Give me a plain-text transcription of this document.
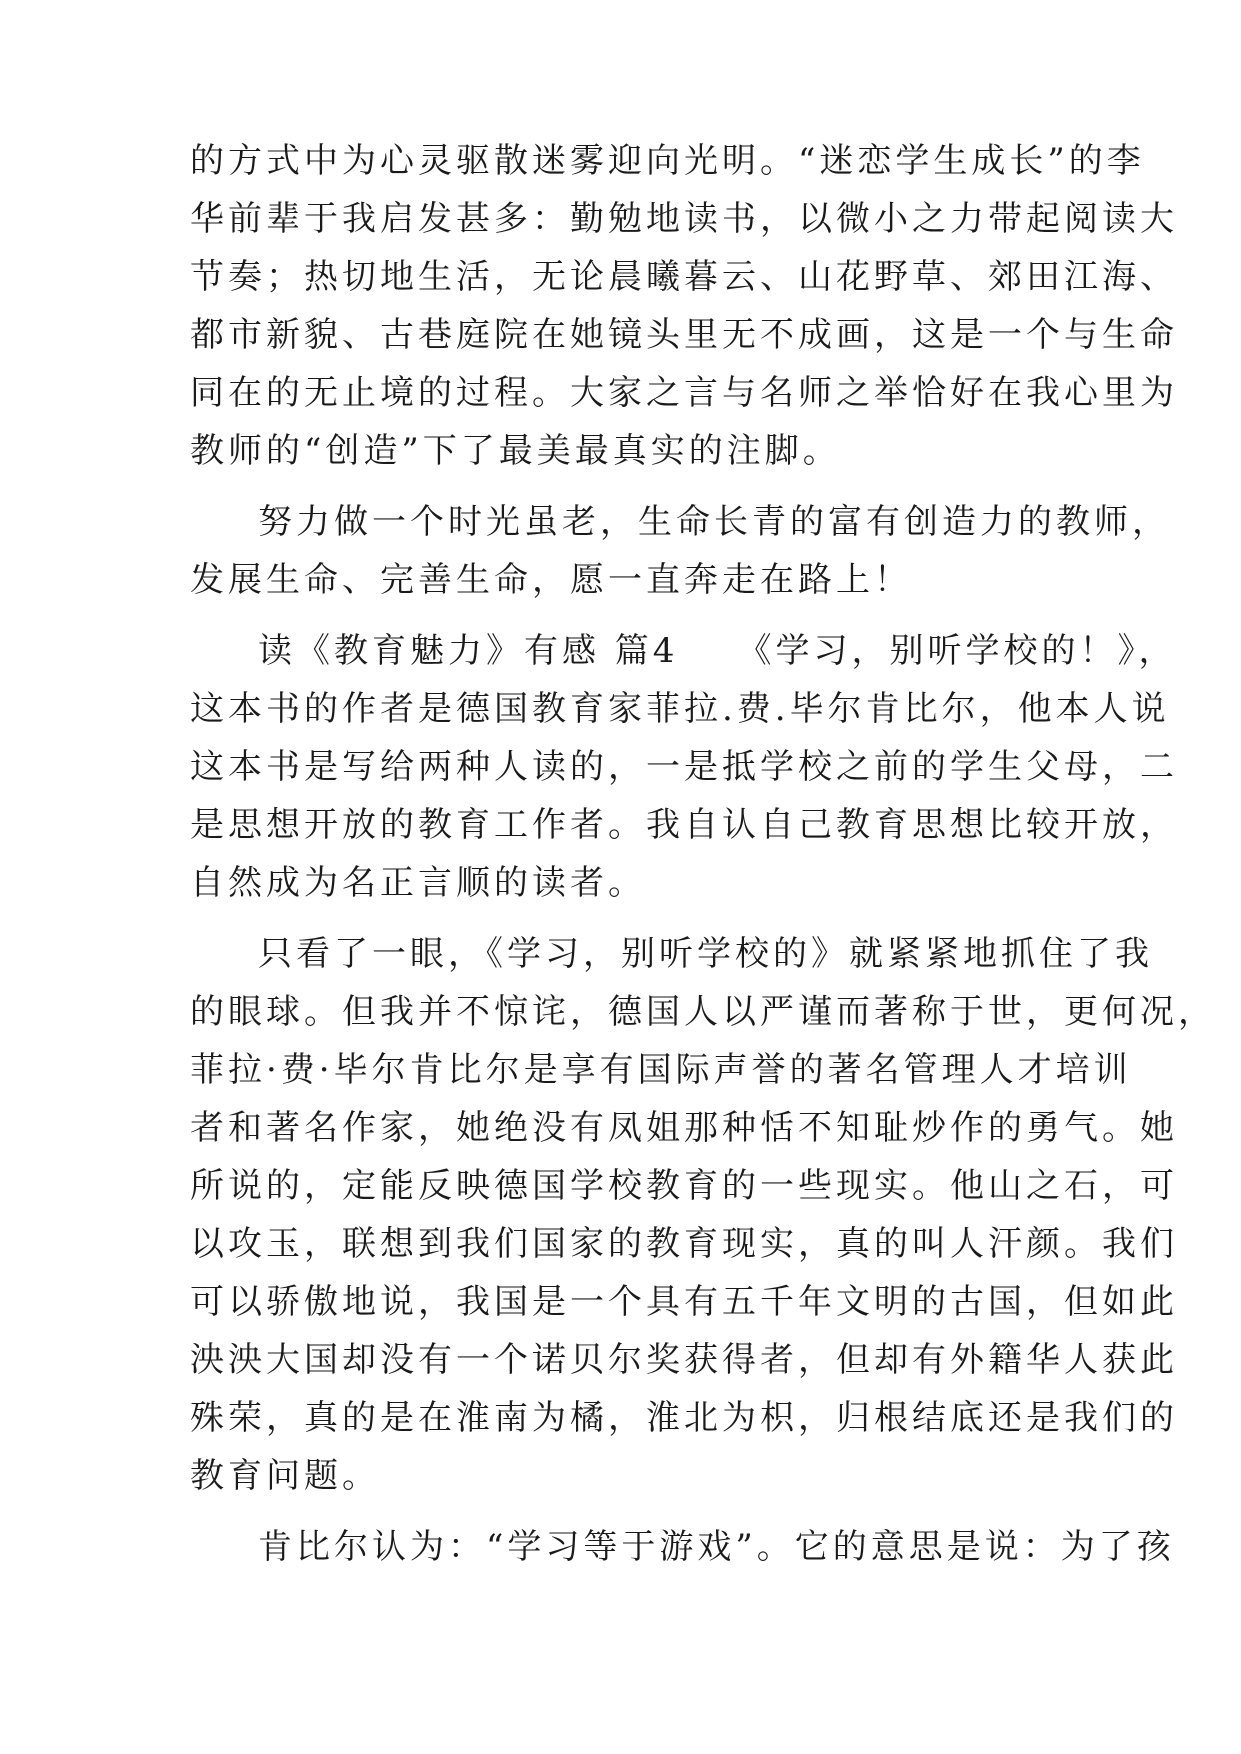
的方式中为心灵驱散迷雾迎向光明。“迷恋学生成长”的李
华前辈于我启发甚多：勤勉地读书，以微小之力带起阅读大
节奏；热切地生活，无论晨曦暮云、山花野草、郊田江海、
都市新貌、古巷庭院在她镜头里无不成画，这是一个与生命
同在的无止境的过程。大家之言与名师之举恰好在我心里为
教师的“创造”下了最美最真实的注脚。
努力做一个时光虽老，生命长青的富有创造力的教师，
发展生命、完善生命，愿一直奔走在路上！
读《教育魅力》有感 篇4　　《学习，别听学校的！》，
这本书的作者是德国教育家菲拉.费.毕尔肯比尔，他本人说
这本书是写给两种人读的，一是抵学校之前的学生父母，二
是思想开放的教育工作者。我自认自己教育思想比较开放，
自然成为名正言顺的读者。
只看了一眼，《学习，别听学校的》就紧紧地抓住了我
的眼球。但我并不惊诧，德国人以严谨而著称于世，更何况，
菲拉·费·毕尔肯比尔是享有国际声誉的著名管理人才培训
者和著名作家，她绝没有凤姐那种恬不知耻炒作的勇气。她
所说的，定能反映德国学校教育的一些现实。他山之石，可
以攻玉，联想到我们国家的教育现实，真的叫人汗颜。我们
可以骄傲地说，我国是一个具有五千年文明的古国，但如此
泱泱大国却没有一个诺贝尔奖获得者，但却有外籍华人获此
殊荣，真的是在淮南为橘，淮北为枳，归根结底还是我们的
教育问题。
肯比尔认为：“学习等于游戏”。它的意思是说：为了孩
